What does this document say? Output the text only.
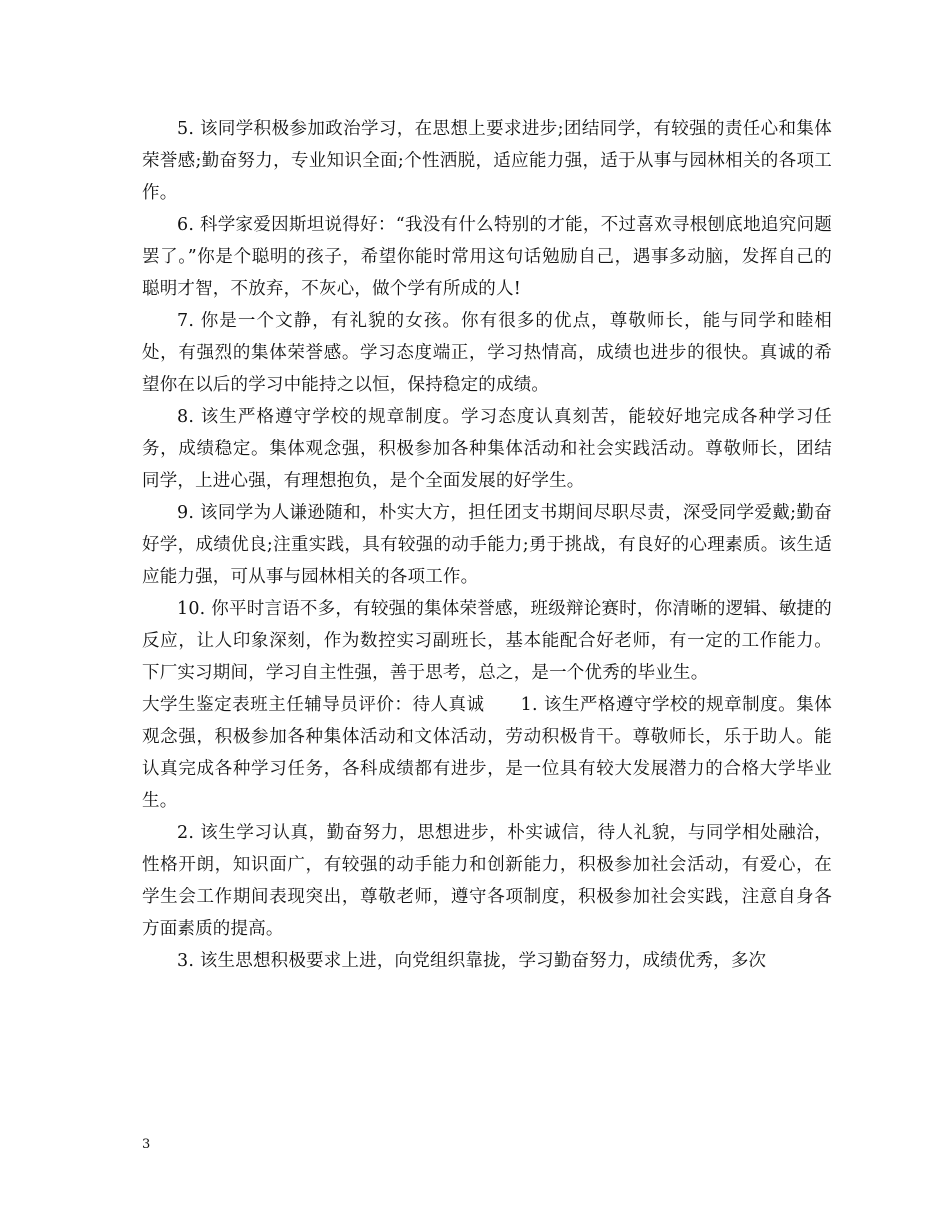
5. 该同学积极参加政治学习，在思想上要求进步;团结同学，有较强的责任心和集体荣誉感;勤奋努力，专业知识全面;个性洒脱，适应能力强，适于从事与园林相关的各项工作。

6. 科学家爱因斯坦说得好：“我没有什么特别的才能，不过喜欢寻根刨底地追究问题罢了。”你是个聪明的孩子，希望你能时常用这句话勉励自己，遇事多动脑，发挥自己的聪明才智，不放弃，不灰心，做个学有所成的人!

7. 你是一个文静，有礼貌的女孩。你有很多的优点，尊敬师长，能与同学和睦相处，有强烈的集体荣誉感。学习态度端正，学习热情高，成绩也进步的很快。真诚的希望你在以后的学习中能持之以恒，保持稳定的成绩。

8. 该生严格遵守学校的规章制度。学习态度认真刻苦，能较好地完成各种学习任务，成绩稳定。集体观念强，积极参加各种集体活动和社会实践活动。尊敬师长，团结同学，上进心强，有理想抱负，是个全面发展的好学生。

9. 该同学为人谦逊随和，朴实大方，担任团支书期间尽职尽责，深受同学爱戴;勤奋好学，成绩优良;注重实践，具有较强的动手能力;勇于挑战，有良好的心理素质。该生适应能力强，可从事与园林相关的各项工作。

10. 你平时言语不多，有较强的集体荣誉感，班级辩论赛时，你清晰的逻辑、敏捷的反应，让人印象深刻，作为数控实习副班长，基本能配合好老师，有一定的工作能力。下厂实习期间，学习自主性强，善于思考，总之，是一个优秀的毕业生。

大学生鉴定表班主任辅导员评价：待人真诚　　1. 该生严格遵守学校的规章制度。集体观念强，积极参加各种集体活动和文体活动，劳动积极肯干。尊敬师长，乐于助人。能认真完成各种学习任务，各科成绩都有进步，是一位具有较大发展潜力的合格大学毕业生。

2. 该生学习认真，勤奋努力，思想进步，朴实诚信，待人礼貌，与同学相处融洽，性格开朗，知识面广，有较强的动手能力和创新能力，积极参加社会活动，有爱心，在学生会工作期间表现突出，尊敬老师，遵守各项制度，积极参加社会实践，注意自身各方面素质的提高。

3. 该生思想积极要求上进，向党组织靠拢，学习勤奋努力，成绩优秀，多次

3
